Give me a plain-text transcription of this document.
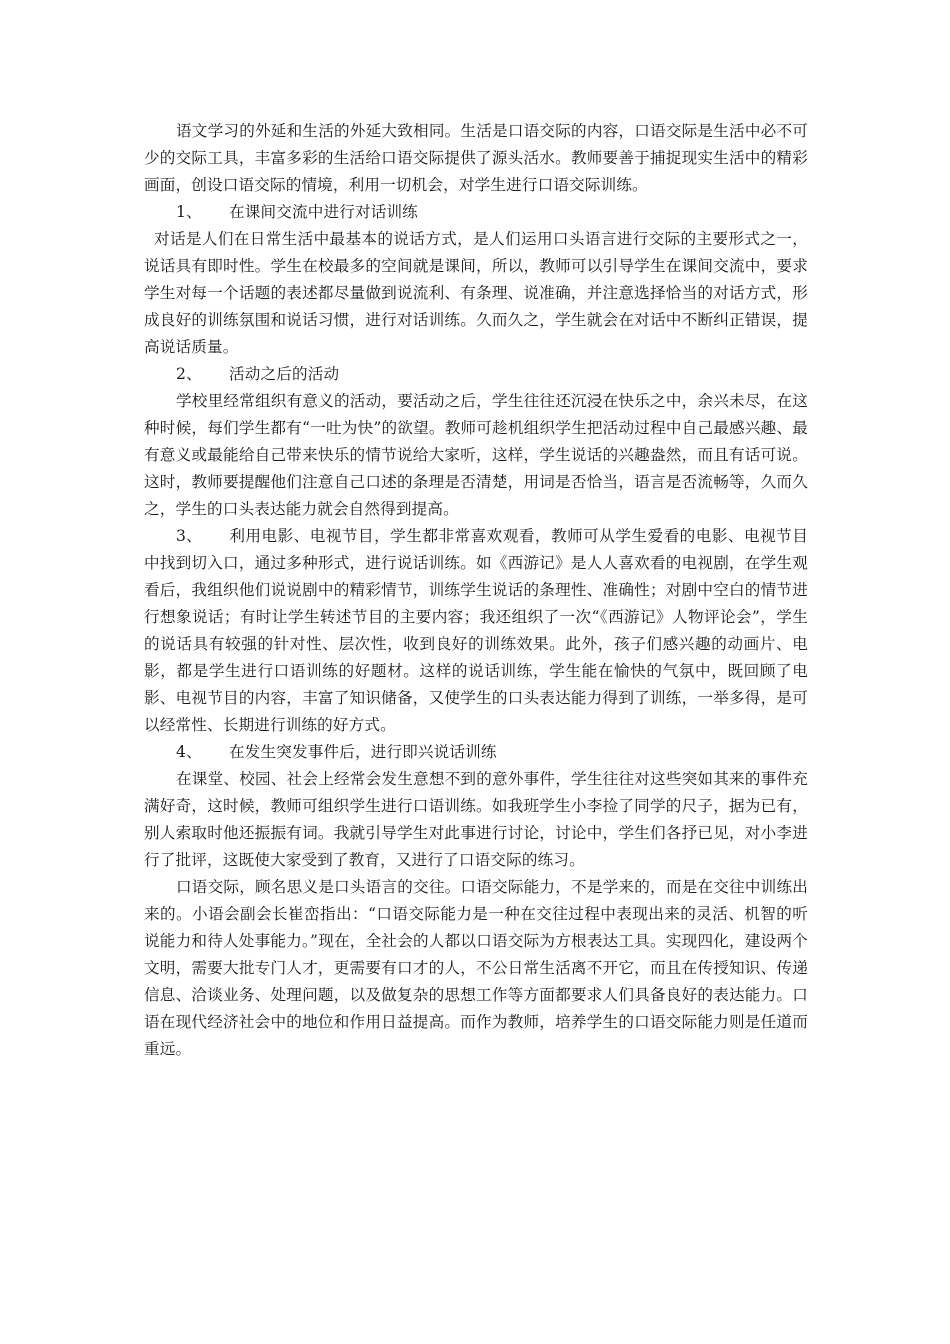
语文学习的外延和生活的外延大致相同。生活是口语交际的内容，口语交际是生活中必不可少的交际工具，丰富多彩的生活给口语交际提供了源头活水。教师要善于捕捉现实生活中的精彩画面，创设口语交际的情境，利用一切机会，对学生进行口语交际训练。

1、	在课间交流中进行对话训练

对话是人们在日常生活中最基本的说话方式，是人们运用口头语言进行交际的主要形式之一，说话具有即时性。学生在校最多的空间就是课间，所以，教师可以引导学生在课间交流中，要求学生对每一个话题的表述都尽量做到说流利、有条理、说准确，并注意选择恰当的对话方式，形成良好的训练氛围和说话习惯，进行对话训练。久而久之，学生就会在对话中不断纠正错误，提高说话质量。

2、	活动之后的活动

学校里经常组织有意义的活动，要活动之后，学生往往还沉浸在快乐之中，余兴未尽，在这种时候，每们学生都有“一吐为快”的欲望。教师可趁机组织学生把活动过程中自己最感兴趣、最有意义或最能给自己带来快乐的情节说给大家听，这样，学生说话的兴趣盎然，而且有话可说。这时，教师要提醒他们注意自己口述的条理是否清楚，用词是否恰当，语言是否流畅等，久而久之，学生的口头表达能力就会自然得到提高。

3、 利用电影、电视节目，学生都非常喜欢观看，教师可从学生爱看的电影、电视节目中找到切入口，通过多种形式，进行说话训练。如《西游记》是人人喜欢看的电视剧，在学生观看后，我组织他们说说剧中的精彩情节，训练学生说话的条理性、准确性；对剧中空白的情节进行想象说话；有时让学生转述节目的主要内容；我还组织了一次“《西游记》人物评论会”，学生的说话具有较强的针对性、层次性，收到良好的训练效果。此外，孩子们感兴趣的动画片、电影，都是学生进行口语训练的好题材。这样的说话训练，学生能在愉快的气氛中，既回顾了电影、电视节目的内容，丰富了知识储备，又使学生的口头表达能力得到了训练，一举多得，是可以经常性、长期进行训练的好方式。

4、	在发生突发事件后，进行即兴说话训练

在课堂、校园、社会上经常会发生意想不到的意外事件，学生往往对这些突如其来的事件充满好奇，这时候，教师可组织学生进行口语训练。如我班学生小李捡了同学的尺子，据为已有，别人索取时他还振振有词。我就引导学生对此事进行讨论，讨论中，学生们各抒已见，对小李进行了批评，这既使大家受到了教育，又进行了口语交际的练习。

口语交际，顾名思义是口头语言的交往。口语交际能力，不是学来的，而是在交往中训练出来的。小语会副会长崔峦指出：“口语交际能力是一种在交往过程中表现出来的灵活、机智的听说能力和待人处事能力。”现在，全社会的人都以口语交际为方根表达工具。实现四化，建设两个文明，需要大批专门人才，更需要有口才的人，不公日常生活离不开它，而且在传授知识、传递信息、洽谈业务、处理问题，以及做复杂的思想工作等方面都要求人们具备良好的表达能力。口语在现代经济社会中的地位和作用日益提高。而作为教师，培养学生的口语交际能力则是任道而重远。
